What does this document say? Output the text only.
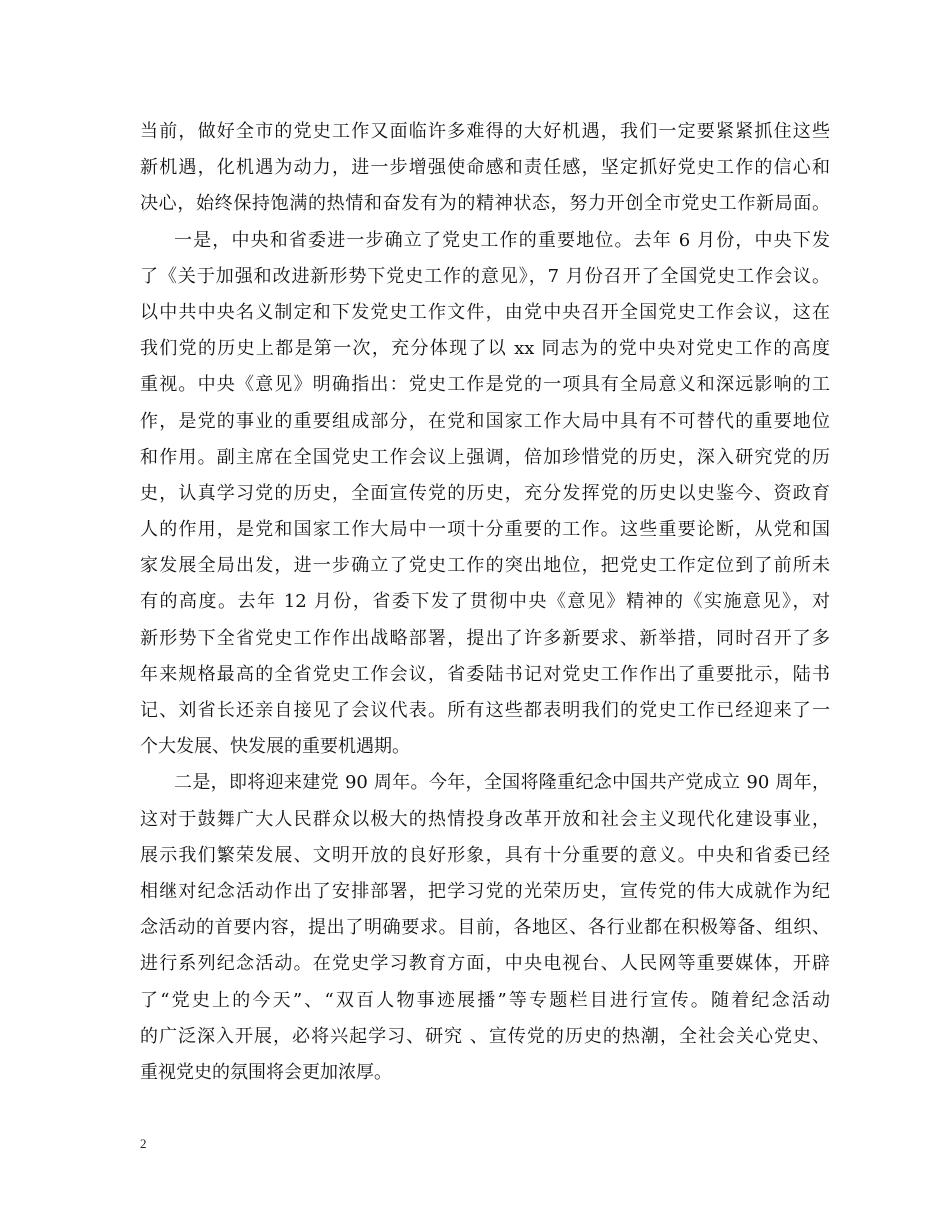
当前，做好全市的党史工作又面临许多难得的大好机遇，我们一定要紧紧抓住这些
新机遇，化机遇为动力，进一步增强使命感和责任感，坚定抓好党史工作的信心和
决心，始终保持饱满的热情和奋发有为的精神状态，努力开创全市党史工作新局面。
一是，中央和省委进一步确立了党史工作的重要地位。去年 6 月份，中央下发
了《关于加强和改进新形势下党史工作的意见》，7 月份召开了全国党史工作会议。
以中共中央名义制定和下发党史工作文件，由党中央召开全国党史工作会议，这在
我们党的历史上都是第一次，充分体现了以 xx 同志为的党中央对党史工作的高度
重视。中央《意见》明确指出：党史工作是党的一项具有全局意义和深远影响的工
作，是党的事业的重要组成部分，在党和国家工作大局中具有不可替代的重要地位
和作用。副主席在全国党史工作会议上强调，倍加珍惜党的历史，深入研究党的历
史，认真学习党的历史，全面宣传党的历史，充分发挥党的历史以史鉴今、资政育
人的作用，是党和国家工作大局中一项十分重要的工作。这些重要论断，从党和国
家发展全局出发，进一步确立了党史工作的突出地位，把党史工作定位到了前所未
有的高度。去年 12 月份，省委下发了贯彻中央《意见》精神的《实施意见》，对
新形势下全省党史工作作出战略部署，提出了许多新要求、新举措，同时召开了多
年来规格最高的全省党史工作会议，省委陆书记对党史工作作出了重要批示，陆书
记、刘省长还亲自接见了会议代表。所有这些都表明我们的党史工作已经迎来了一
个大发展、快发展的重要机遇期。
二是，即将迎来建党 90 周年。今年，全国将隆重纪念中国共产党成立 90 周年，
这对于鼓舞广大人民群众以极大的热情投身改革开放和社会主义现代化建设事业，
展示我们繁荣发展、文明开放的良好形象，具有十分重要的意义。中央和省委已经
相继对纪念活动作出了安排部署，把学习党的光荣历史，宣传党的伟大成就作为纪
念活动的首要内容，提出了明确要求。目前，各地区、各行业都在积极筹备、组织、
进行系列纪念活动。在党史学习教育方面，中央电视台、人民网等重要媒体，开辟
了“党史上的今天”、“双百人物事迹展播”等专题栏目进行宣传。随着纪念活动
的广泛深入开展，必将兴起学习、研究 、宣传党的历史的热潮，全社会关心党史、
重视党史的氛围将会更加浓厚。
2
